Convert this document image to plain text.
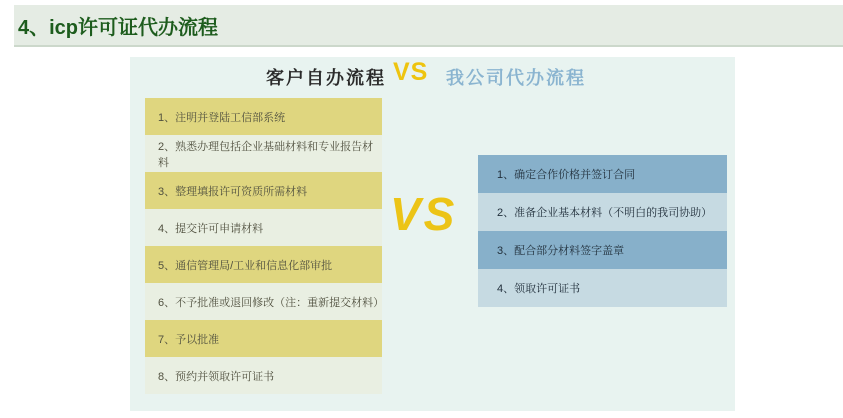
4、icp许可证代办流程
客户自办流程 VS 我公司代办流程
1、注明并登陆工信部系统
2、熟悉办理包括企业基础材料和专业报告材料
3、整理填报许可资质所需材料
4、提交许可申请材料
5、通信管理局/工业和信息化部审批
6、不予批准或退回修改（注：重新提交材料）
7、予以批准
8、预约并领取许可证书
VS
1、确定合作价格并签订合同
2、准备企业基本材料（不明白的我司协助）
3、配合部分材料签字盖章
4、领取许可证书
